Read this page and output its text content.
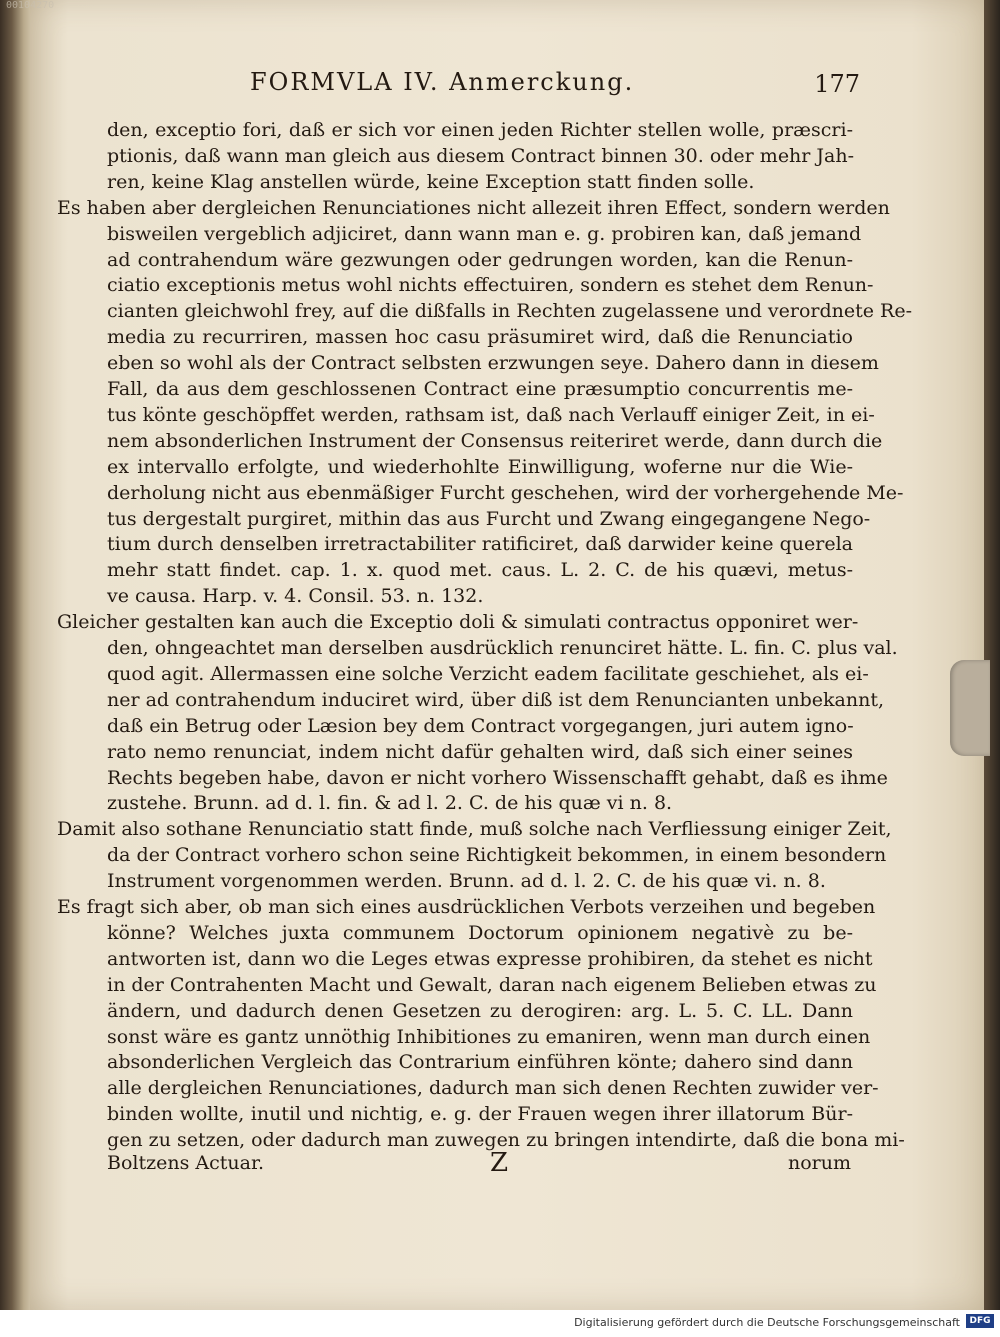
00104270
FORMVLA IV. Anmerckung.	177
den, exceptio fori, daß er sich vor einen jeden Richter stellen wolle, præscri-
ptionis, daß wann man gleich aus diesem Contract binnen 30. oder mehr Jah-
ren, keine Klag anstellen würde, keine Exception statt finden solle.
Es haben aber dergleichen Renunciationes nicht allezeit ihren Effect, sondern werden
bisweilen vergeblich adjiciret, dann wann man e. g. probiren kan, daß jemand
ad contrahendum wäre gezwungen oder gedrungen worden, kan die Renun-
ciatio exceptionis metus wohl nichts effectuiren, sondern es stehet dem Renun-
cianten gleichwohl frey, auf die dißfalls in Rechten zugelassene und verordnete Re-
media zu recurriren, massen hoc casu präsumiret wird, daß die Renunciatio
eben so wohl als der Contract selbsten erzwungen seye. Dahero dann in diesem
Fall, da aus dem geschlossenen Contract eine præsumptio concurrentis me-
tus könte geschöpffet werden, rathsam ist, daß nach Verlauff einiger Zeit, in ei-
nem absonderlichen Instrument der Consensus reiteriret werde, dann durch die
ex intervallo erfolgte, und wiederhohlte Einwilligung, woferne nur die Wie-
derholung nicht aus ebenmäßiger Furcht geschehen, wird der vorhergehende Me-
tus dergestalt purgiret, mithin das aus Furcht und Zwang eingegangene Nego-
tium durch denselben irretractabiliter ratificiret, daß darwider keine querela
mehr statt findet. cap. 1. x. quod met. caus. L. 2. C. de his quævi, metus-
ve causa. Harp. v. 4. Consil. 53. n. 132.
Gleicher gestalten kan auch die Exceptio doli & simulati contractus opponiret wer-
den, ohngeachtet man derselben ausdrücklich renunciret hätte. L. fin. C. plus val.
quod agit. Allermassen eine solche Verzicht eadem facilitate geschiehet, als ei-
ner ad contrahendum induciret wird, über diß ist dem Renuncianten unbekannt,
daß ein Betrug oder Læsion bey dem Contract vorgegangen, juri autem igno-
rato nemo renunciat, indem nicht dafür gehalten wird, daß sich einer seines
Rechts begeben habe, davon er nicht vorhero Wissenschafft gehabt, daß es ihme
zustehe. Brunn. ad d. l. fin. & ad l. 2. C. de his quæ vi n. 8.
Damit also sothane Renunciatio statt finde, muß solche nach Verfliessung einiger Zeit,
da der Contract vorhero schon seine Richtigkeit bekommen, in einem besondern
Instrument vorgenommen werden. Brunn. ad d. l. 2. C. de his quæ vi. n. 8.
Es fragt sich aber, ob man sich eines ausdrücklichen Verbots verzeihen und begeben
könne? Welches juxta communem Doctorum opinionem negativè zu be-
antworten ist, dann wo die Leges etwas expresse prohibiren, da stehet es nicht
in der Contrahenten Macht und Gewalt, daran nach eigenem Belieben etwas zu
ändern, und dadurch denen Gesetzen zu derogiren: arg. L. 5. C. LL. Dann
sonst wäre es gantz unnöthig Inhibitiones zu emaniren, wenn man durch einen
absonderlichen Vergleich das Contrarium einführen könte; dahero sind dann
alle dergleichen Renunciationes, dadurch man sich denen Rechten zuwider ver-
binden wollte, inutil und nichtig, e. g. der Frauen wegen ihrer illatorum Bür-
gen zu setzen, oder dadurch man zuwegen zu bringen intendirte, daß die bona mi-
Boltzens Actuar.	Z	norum
Digitalisierung gefördert durch die Deutsche Forschungsgemeinschaft	DFG
